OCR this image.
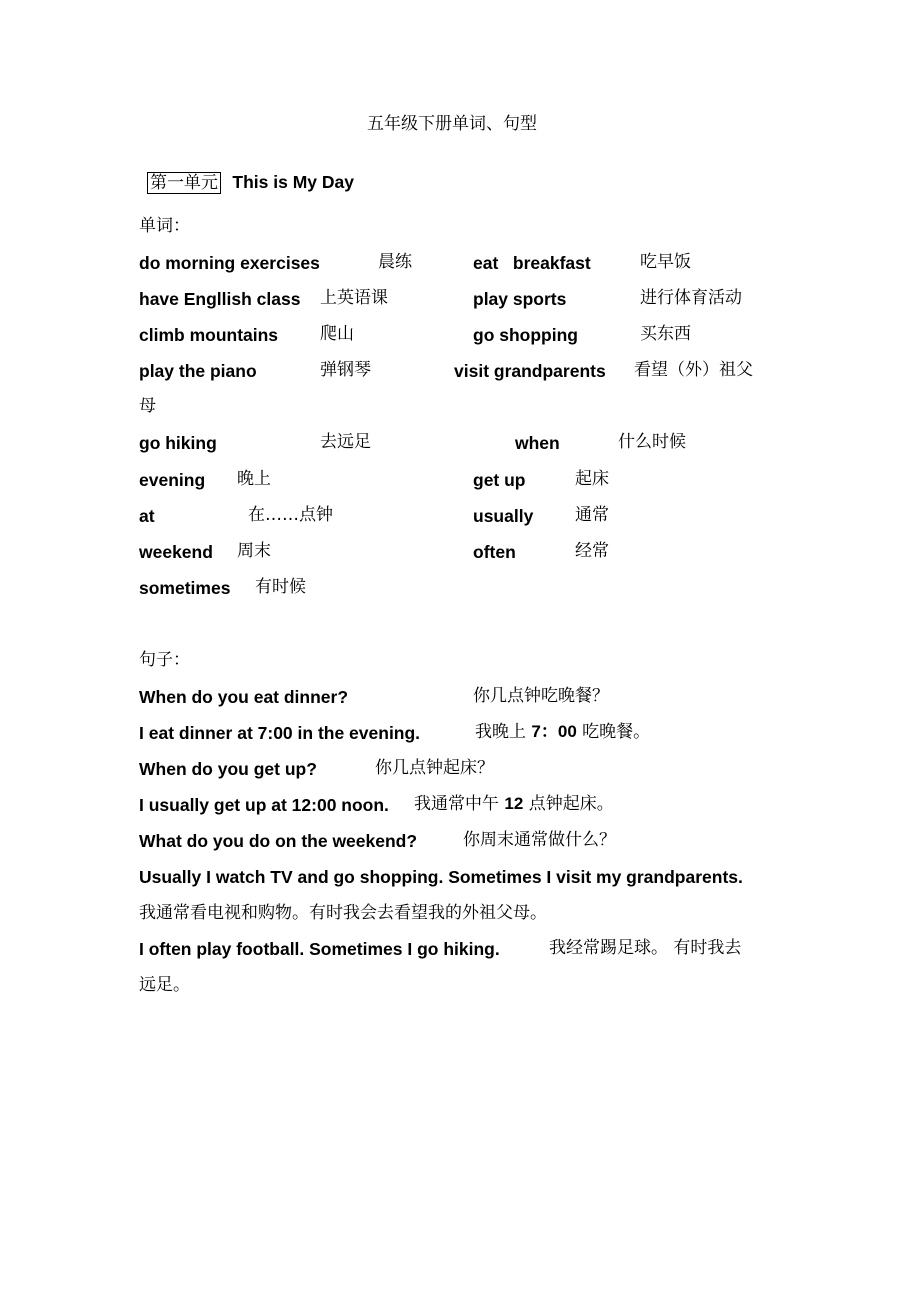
五年级下册单词、句型
第一单元 This is My Day
单词：
do morning exercises	晨练	eat   breakfast	吃早饭
have Engllish class 上英语课	play sports	进行体育活动
climb mountains 爬山	go shopping	买东西
play the piano	弹钢琴	visit grandparents 看望（外）祖父
母
go hiking	去远足	when	什么时候
evening 晚上	get up	起床
at	在……点钟	usually 通常
weekend 周末	often	经常
sometimes 有时候
句子：
When do you eat dinner?	你几点钟吃晚餐？
I eat dinner at 7:00 in the evening.	我晚上 7：00 吃晚餐。
When do you get up?	你几点钟起床？
I usually get up at 12:00 noon. 我通常中午 12 点钟起床。
What do you do on the weekend?	你周末通常做什么？
Usually I watch TV and go shopping. Sometimes I visit my grandparents.
我通常看电视和购物。有时我会去看望我的外祖父母。
I often play football. Sometimes I go hiking.	我经常踢足球。 有时我去
远足。
